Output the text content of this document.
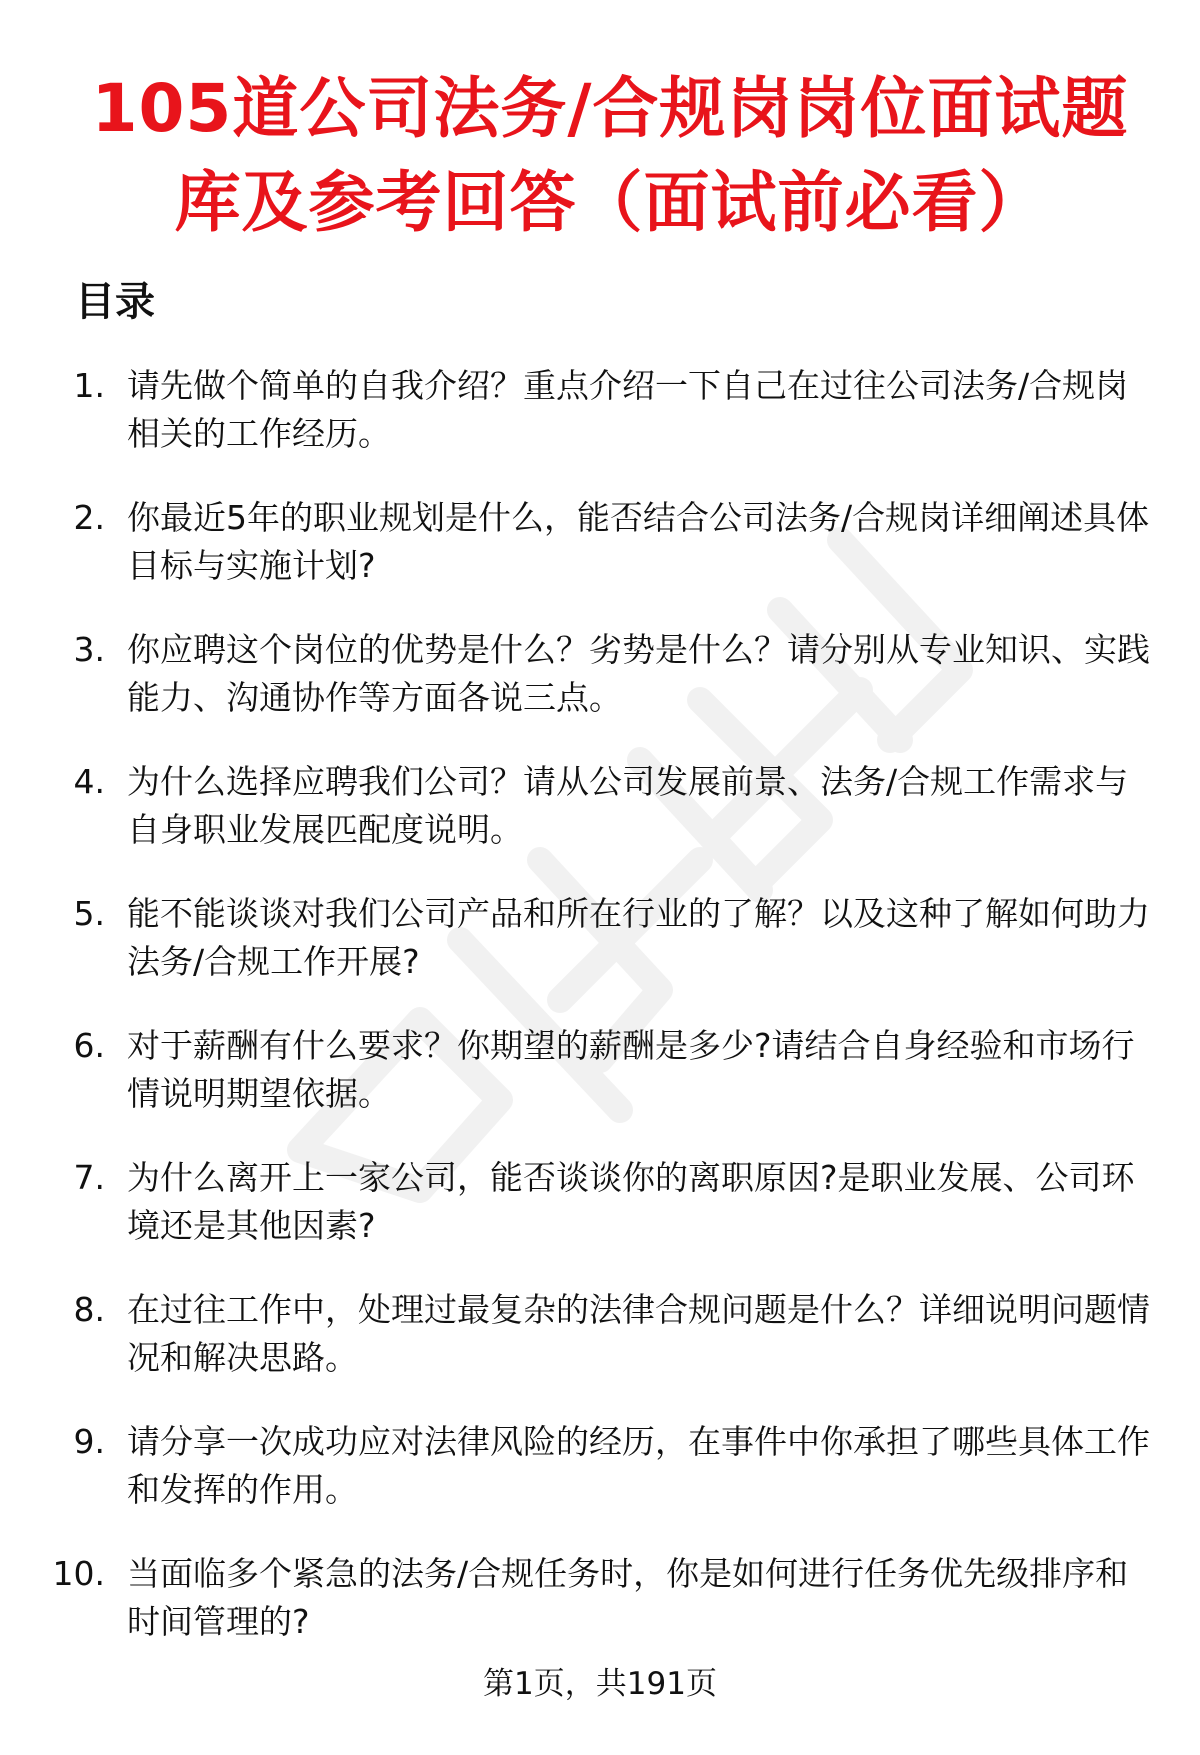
105道公司法务/合规岗岗位面试题库及参考回答（面试前必看）
目录
1. 请先做个简单的自我介绍？重点介绍一下自己在过往公司法务/合规岗相关的工作经历。
2. 你最近5年的职业规划是什么，能否结合公司法务/合规岗详细阐述具体目标与实施计划?
3. 你应聘这个岗位的优势是什么？劣势是什么？请分别从专业知识、实践能力、沟通协作等方面各说三点。
4. 为什么选择应聘我们公司？请从公司发展前景、法务/合规工作需求与自身职业发展匹配度说明。
5. 能不能谈谈对我们公司产品和所在行业的了解？以及这种了解如何助力法务/合规工作开展?
6. 对于薪酬有什么要求？你期望的薪酬是多少?请结合自身经验和市场行情说明期望依据。
7. 为什么离开上一家公司，能否谈谈你的离职原因?是职业发展、公司环境还是其他因素?
8. 在过往工作中，处理过最复杂的法律合规问题是什么？详细说明问题情况和解决思路。
9. 请分享一次成功应对法律风险的经历，在事件中你承担了哪些具体工作和发挥的作用。
10. 当面临多个紧急的法务/合规任务时，你是如何进行任务优先级排序和时间管理的?
第1页，共191页
